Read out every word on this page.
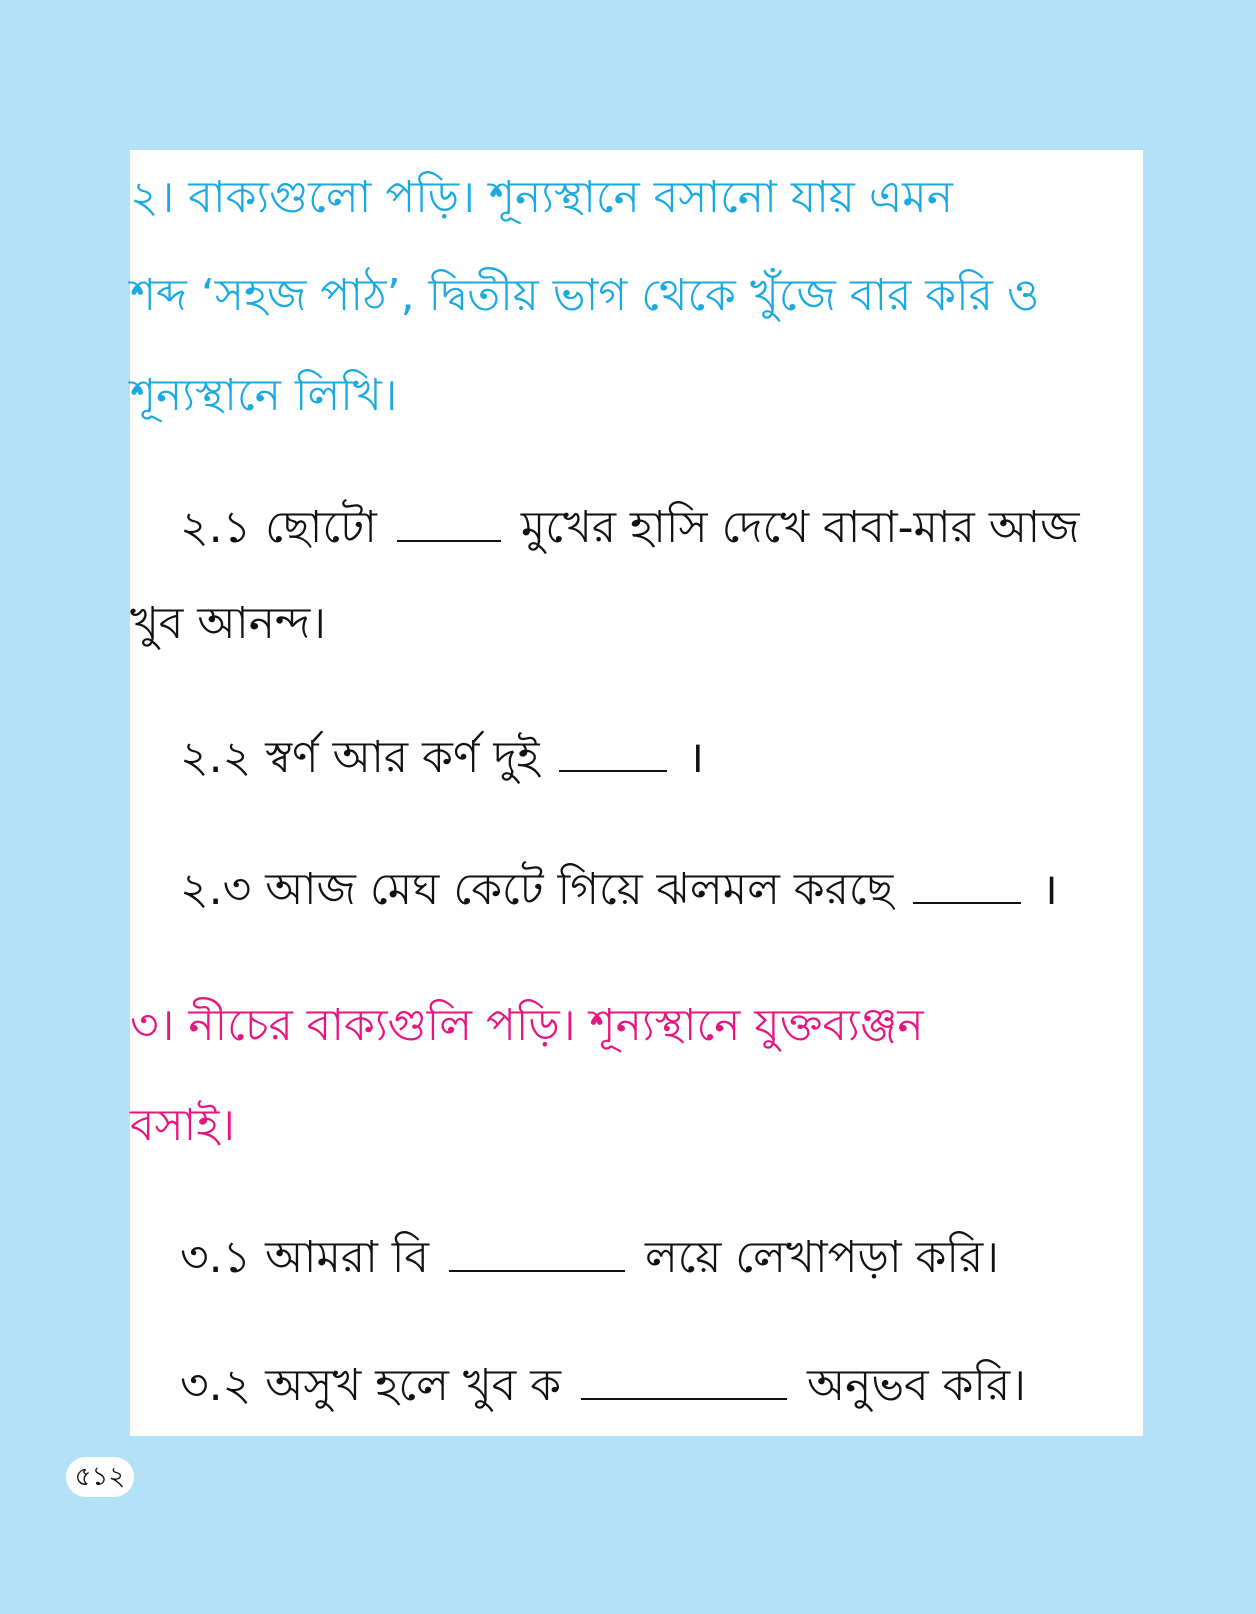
২। বাক্যগুলো পড়ি। শূন্যস্থানে বসানো যায় এমন
শব্দ ‘সহজ পাঠ’, দ্বিতীয় ভাগ থেকে খুঁজে বার করি ও
শূন্যস্থানে লিখি।
২.১ ছোটো	মুখের হাসি দেখে বাবা-মার আজ
খুব আনন্দ।
২.২ স্বর্ণ আর কর্ণ দুই	।
২.৩ আজ মেঘ কেটে গিয়ে ঝলমল করছে	।
৩। নীচের বাক্যগুলি পড়ি। শূন্যস্থানে যুক্তব্যঞ্জন
বসাই।
৩.১ আমরা বি	লয়ে লেখাপড়া করি।
৩.২ অসুখ হলে খুব ক	অনুভব করি।
৫১২
